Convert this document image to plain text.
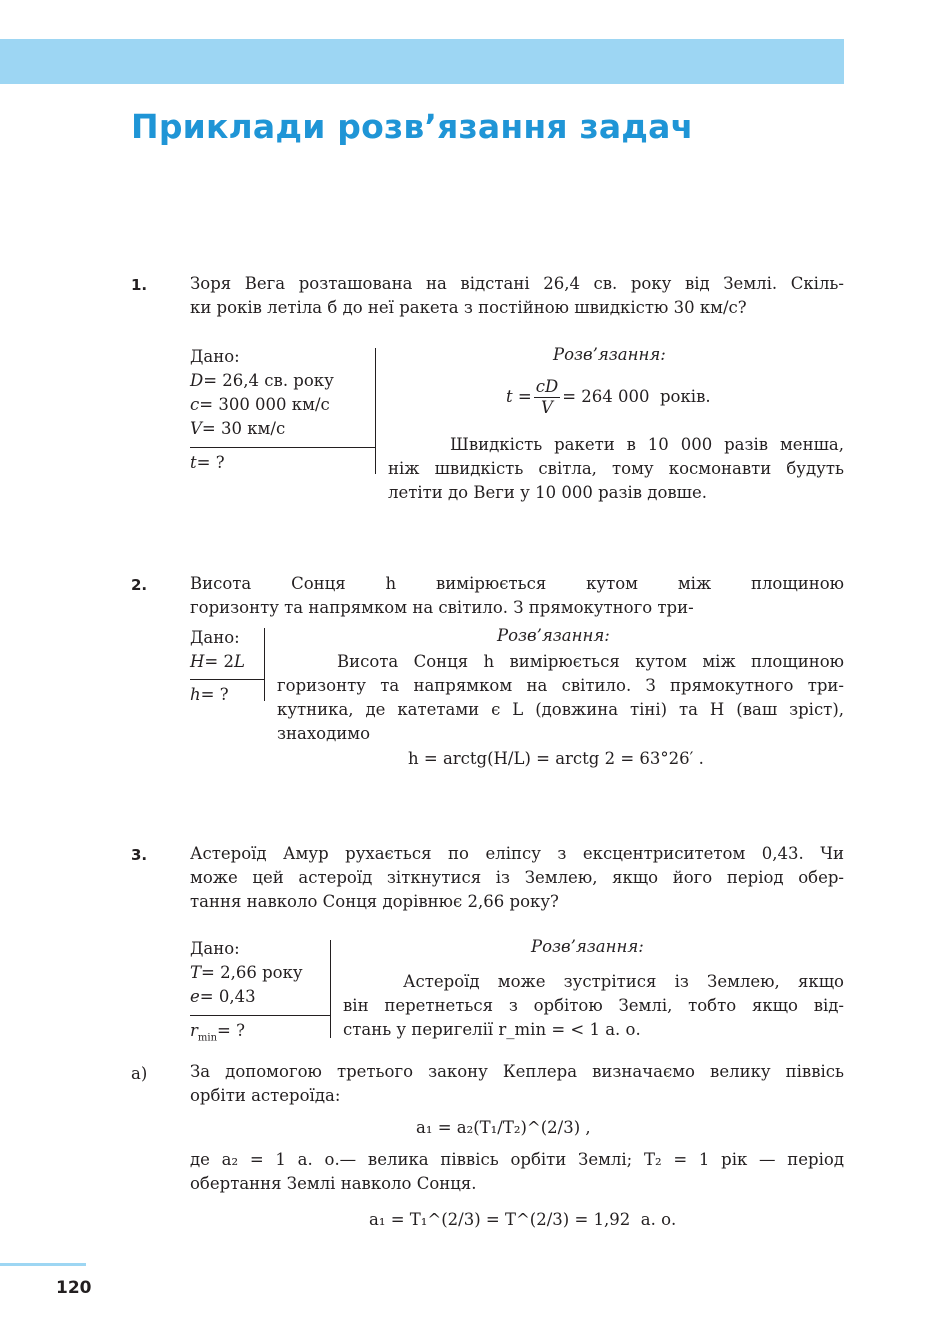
Приклади розв’язання задач
1.	Зоря Вега розташована на відстані 26,4 св. року від Землі. Скіль-
ки років летіла б до неї ракета з постійною швидкістю 30 км/с?
Дано:
D= 26,4 св. року
c= 300 000 км/с
V= 30 км/с
t= ?
Розв’язання:
$t = \frac{cD}{V} = 264$ 000 років.
Швидкість ракети в 10 000 разів менша,
ніж швидкість світла, тому космонавти будуть
летіти до Веги у 10 000 разів довше.
2.	Висота Сонця h вимірюється кутом між площиною
горизонту та напрямком на світило. З прямокутного три-
Дано:
H= 2L
h= ?
Розв’язання:
Висота Сонця h вимірюється кутом між площиною
горизонту та напрямком на світило. З прямокутного три-
кутника, де катетами є L (довжина тіні) та H (ваш зріст),
знаходимо
h = arctg(H/L) = arctg 2 = 63°26′ .
3.	Астероїд Амур рухається по еліпсу з ексцентриситетом 0,43. Чи
може цей астероїд зіткнутися із Землею, якщо його період обер-
тання навколо Сонця дорівнює 2,66 року?
Дано:
T= 2,66 року
e= 0,43
$r_{min}=$ ?
Розв’язання:
Астероїд може зустрітися із Землею, якщо
він перетнеться з орбітою Землі, тобто якщо від-
стань у перигелії r_min = < 1 а. о.
а)	За допомогою третього закону Кеплера визначаємо велику піввісь
орбіти астероїда:
a₁ = a₂(T₁/T₂)^(2/3) ,
де a₂ = 1 а. о.— велика піввісь орбіти Землі; T₂ = 1 рік — період
обертання Землі навколо Сонця.
a₁ = T₁^(2/3) = T^(2/3) = 1,92 а. о.
120
